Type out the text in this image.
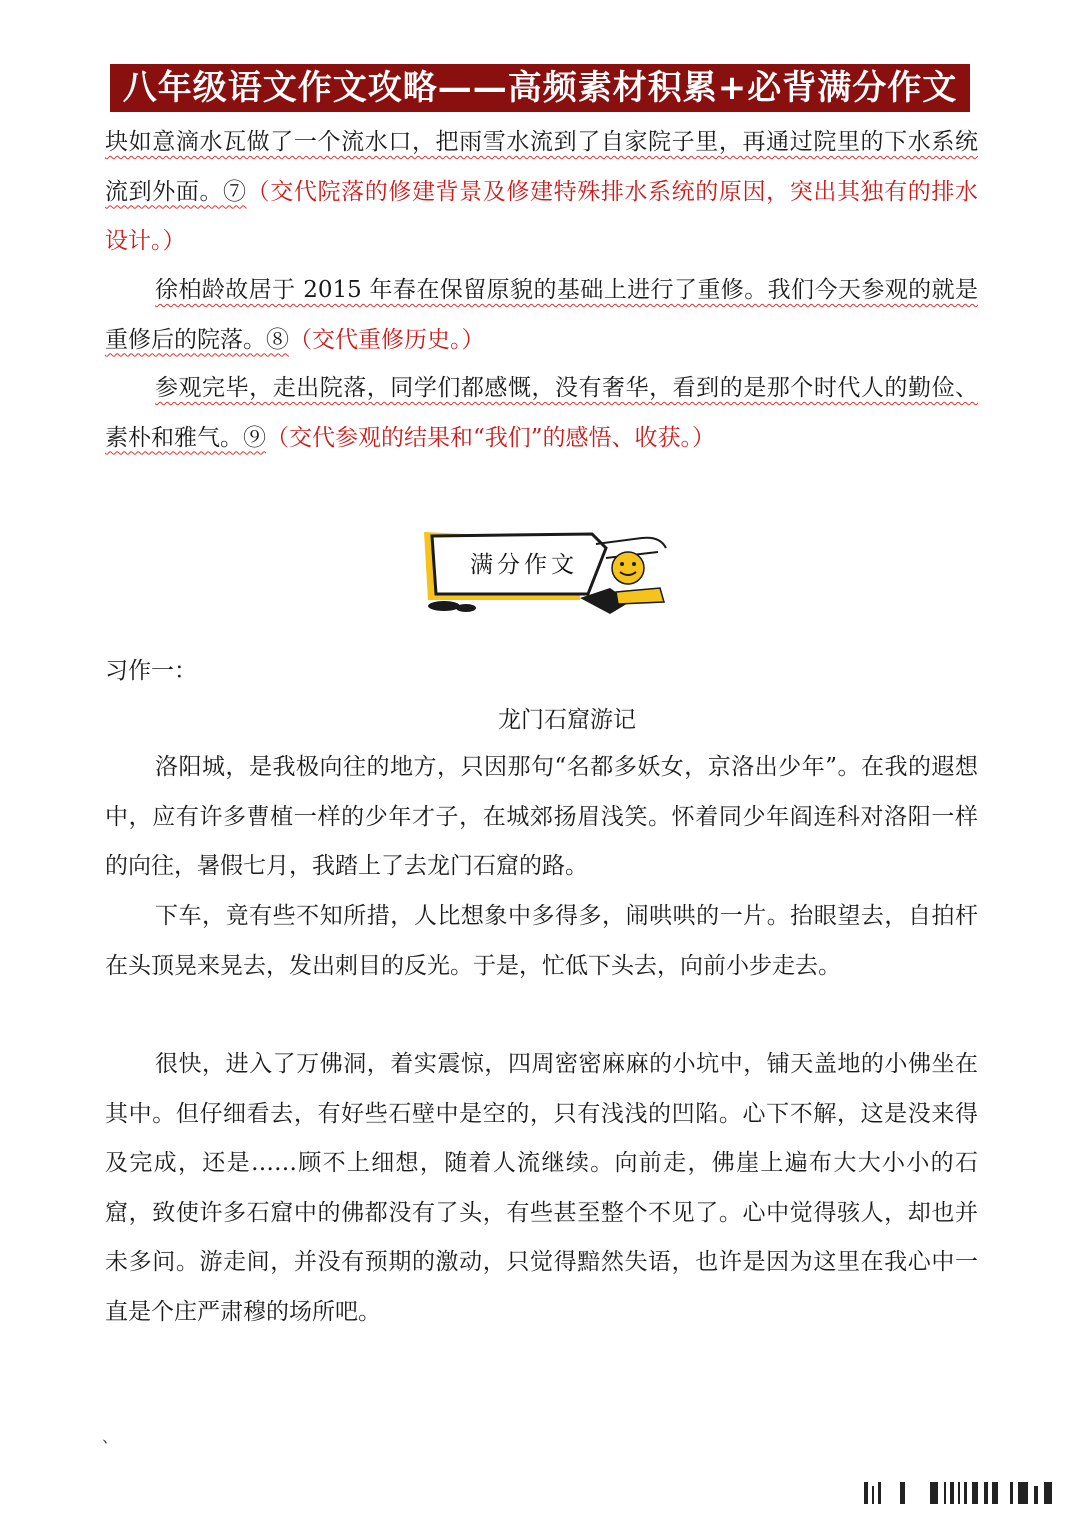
八年级语文作文攻略——高频素材积累+必背满分作文

块如意滴水瓦做了一个流水口，把雨雪水流到了自家院子里，再通过院里的下水系统流到外面。⑦（交代院落的修建背景及修建特殊排水系统的原因，突出其独有的排水设计。）

徐柏龄故居于 2015 年春在保留原貌的基础上进行了重修。我们今天参观的就是重修后的院落。⑧（交代重修历史。）

参观完毕，走出院落，同学们都感慨，没有奢华，看到的是那个时代人的勤俭、素朴和雅气。⑨（交代参观的结果和“我们”的感悟、收获。）

满分作文
习作一：
龙门石窟游记

洛阳城，是我极向往的地方，只因那句“名都多妖女，京洛出少年”。在我的遐想中，应有许多曹植一样的少年才子，在城郊扬眉浅笑。怀着同少年阎连科对洛阳一样的向往，暑假七月，我踏上了去龙门石窟的路。

下车，竟有些不知所措，人比想象中多得多，闹哄哄的一片。抬眼望去，自拍杆在头顶晃来晃去，发出刺目的反光。于是，忙低下头去，向前小步走去。

很快，进入了万佛洞，着实震惊，四周密密麻麻的小坑中，铺天盖地的小佛坐在其中。但仔细看去，有好些石壁中是空的，只有浅浅的凹陷。心下不解，这是没来得及完成，还是……顾不上细想，随着人流继续。向前走，佛崖上遍布大大小小的石窟，致使许多石窟中的佛都没有了头，有些甚至整个不见了。心中觉得骇人，却也并未多问。游走间，并没有预期的激动，只觉得黯然失语，也许是因为这里在我心中一直是个庄严肃穆的场所吧。

、
